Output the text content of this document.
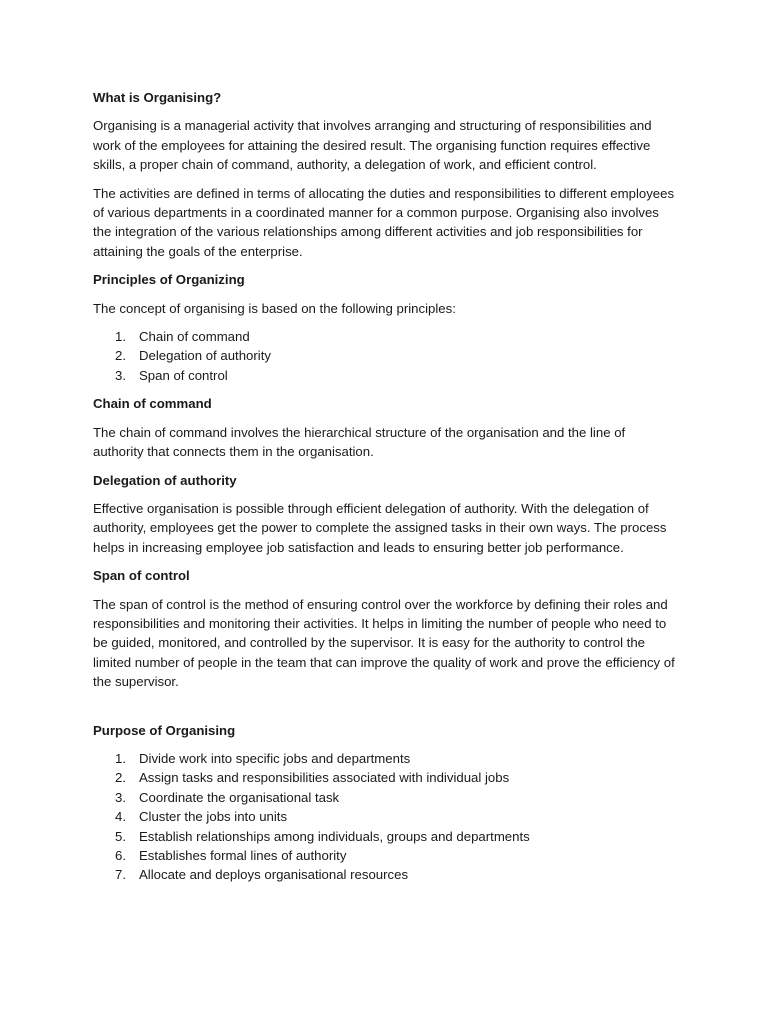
What is Organising?

Organising is a managerial activity that involves arranging and structuring of responsibilities and work of the employees for attaining the desired result. The organising function requires effective skills, a proper chain of command, authority, a delegation of work, and efficient control.

The activities are defined in terms of allocating the duties and responsibilities to different employees of various departments in a coordinated manner for a common purpose. Organising also involves the integration of the various relationships among different activities and job responsibilities for attaining the goals of the enterprise.

Principles of Organizing

The concept of organising is based on the following principles:

1. Chain of command
2. Delegation of authority
3. Span of control
Chain of command

The chain of command involves the hierarchical structure of the organisation and the line of authority that connects them in the organisation.

Delegation of authority

Effective organisation is possible through efficient delegation of authority. With the delegation of authority, employees get the power to complete the assigned tasks in their own ways. The process helps in increasing employee job satisfaction and leads to ensuring better job performance.

Span of control

The span of control is the method of ensuring control over the workforce by defining their roles and responsibilities and monitoring their activities. It helps in limiting the number of people who need to be guided, monitored, and controlled by the supervisor. It is easy for the authority to control the limited number of people in the team that can improve the quality of work and prove the efficiency of the supervisor.

Purpose of Organising
1. Divide work into specific jobs and departments
2. Assign tasks and responsibilities associated with individual jobs
3. Coordinate the organisational task
4. Cluster the jobs into units
5. Establish relationships among individuals, groups and departments
6. Establishes formal lines of authority
7. Allocate and deploys organisational resources
